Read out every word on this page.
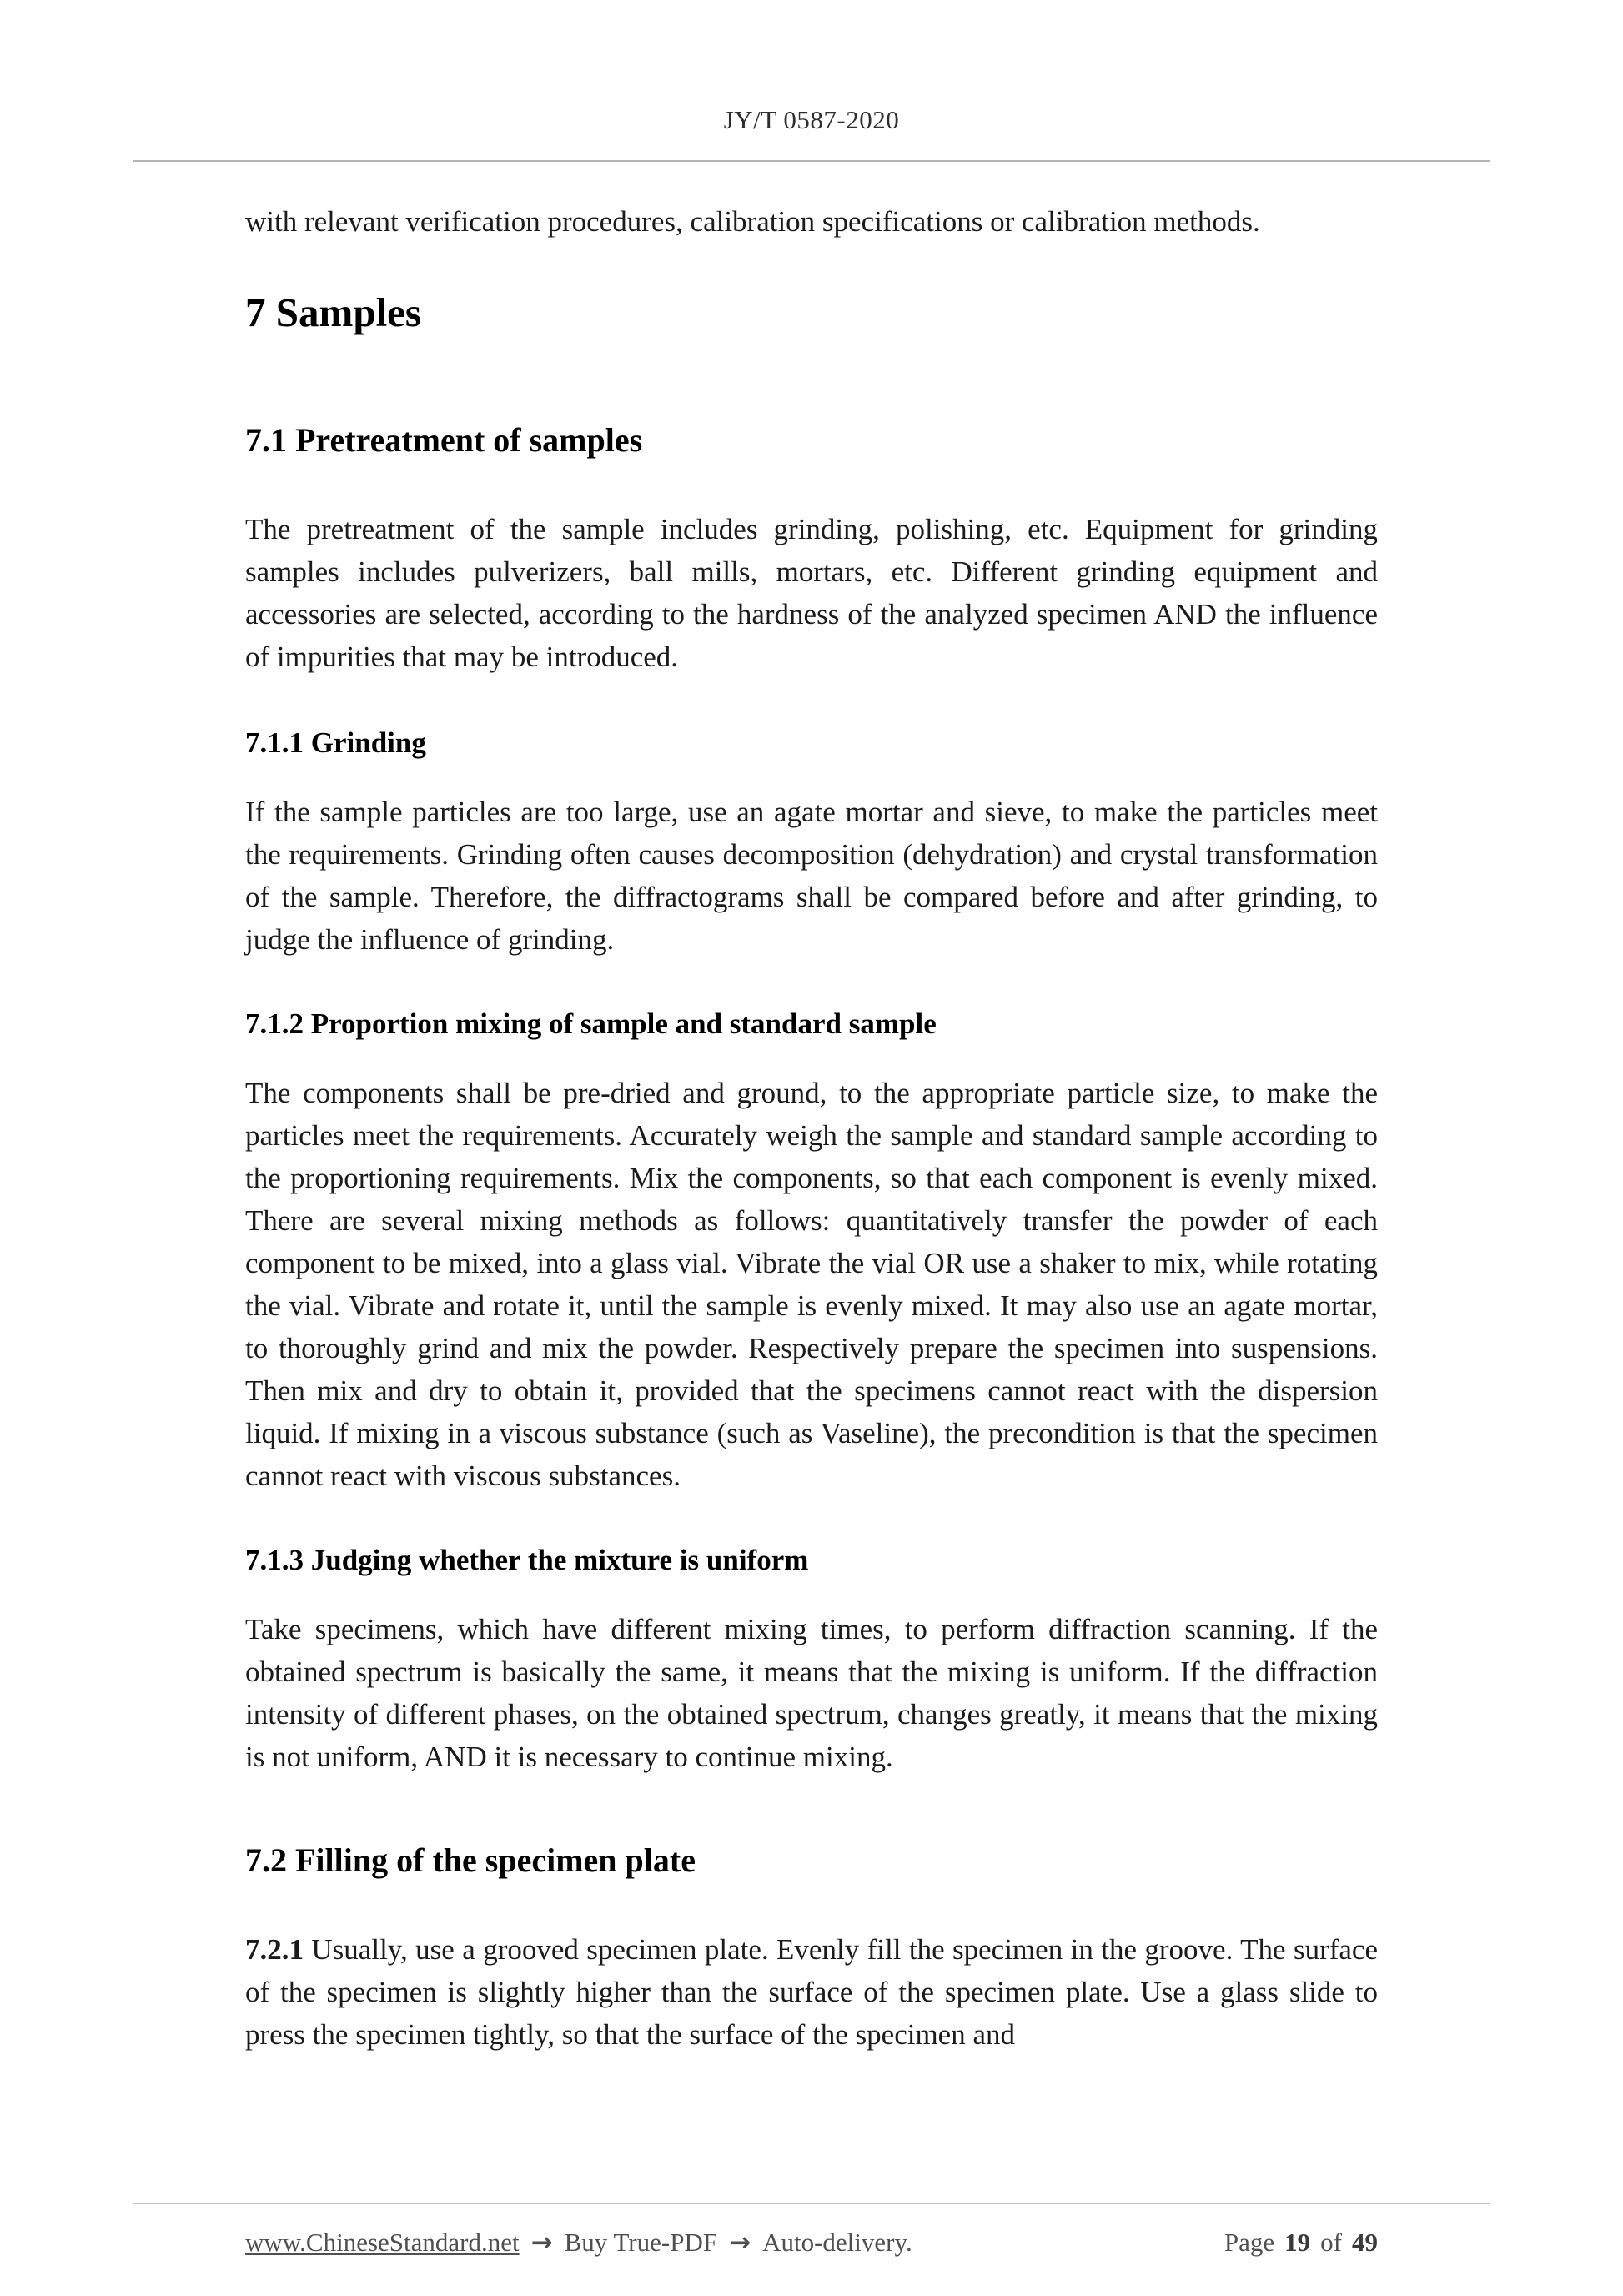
JY/T 0587-2020

with relevant verification procedures, calibration specifications or calibration methods.

7 Samples
7.1 Pretreatment of samples

The pretreatment of the sample includes grinding, polishing, etc. Equipment for grinding samples includes pulverizers, ball mills, mortars, etc. Different grinding equipment and accessories are selected, according to the hardness of the analyzed specimen AND the influence of impurities that may be introduced.

7.1.1 Grinding

If the sample particles are too large, use an agate mortar and sieve, to make the particles meet the requirements. Grinding often causes decomposition (dehydration) and crystal transformation of the sample. Therefore, the diffractograms shall be compared before and after grinding, to judge the influence of grinding.

7.1.2 Proportion mixing of sample and standard sample

The components shall be pre-dried and ground, to the appropriate particle size, to make the particles meet the requirements. Accurately weigh the sample and standard sample according to the proportioning requirements. Mix the components, so that each component is evenly mixed. There are several mixing methods as follows: quantitatively transfer the powder of each component to be mixed, into a glass vial. Vibrate the vial OR use a shaker to mix, while rotating the vial. Vibrate and rotate it, until the sample is evenly mixed. It may also use an agate mortar, to thoroughly grind and mix the powder. Respectively prepare the specimen into suspensions. Then mix and dry to obtain it, provided that the specimens cannot react with the dispersion liquid. If mixing in a viscous substance (such as Vaseline), the precondition is that the specimen cannot react with viscous substances.

7.1.3 Judging whether the mixture is uniform

Take specimens, which have different mixing times, to perform diffraction scanning. If the obtained spectrum is basically the same, it means that the mixing is uniform. If the diffraction intensity of different phases, on the obtained spectrum, changes greatly, it means that the mixing is not uniform, AND it is necessary to continue mixing.

7.2 Filling of the specimen plate

7.2.1 Usually, use a grooved specimen plate. Evenly fill the specimen in the groove. The surface of the specimen is slightly higher than the surface of the specimen plate. Use a glass slide to press the specimen tightly, so that the surface of the specimen and

www.ChineseStandard.net → Buy True-PDF → Auto-delivery.	Page 19 of 49
